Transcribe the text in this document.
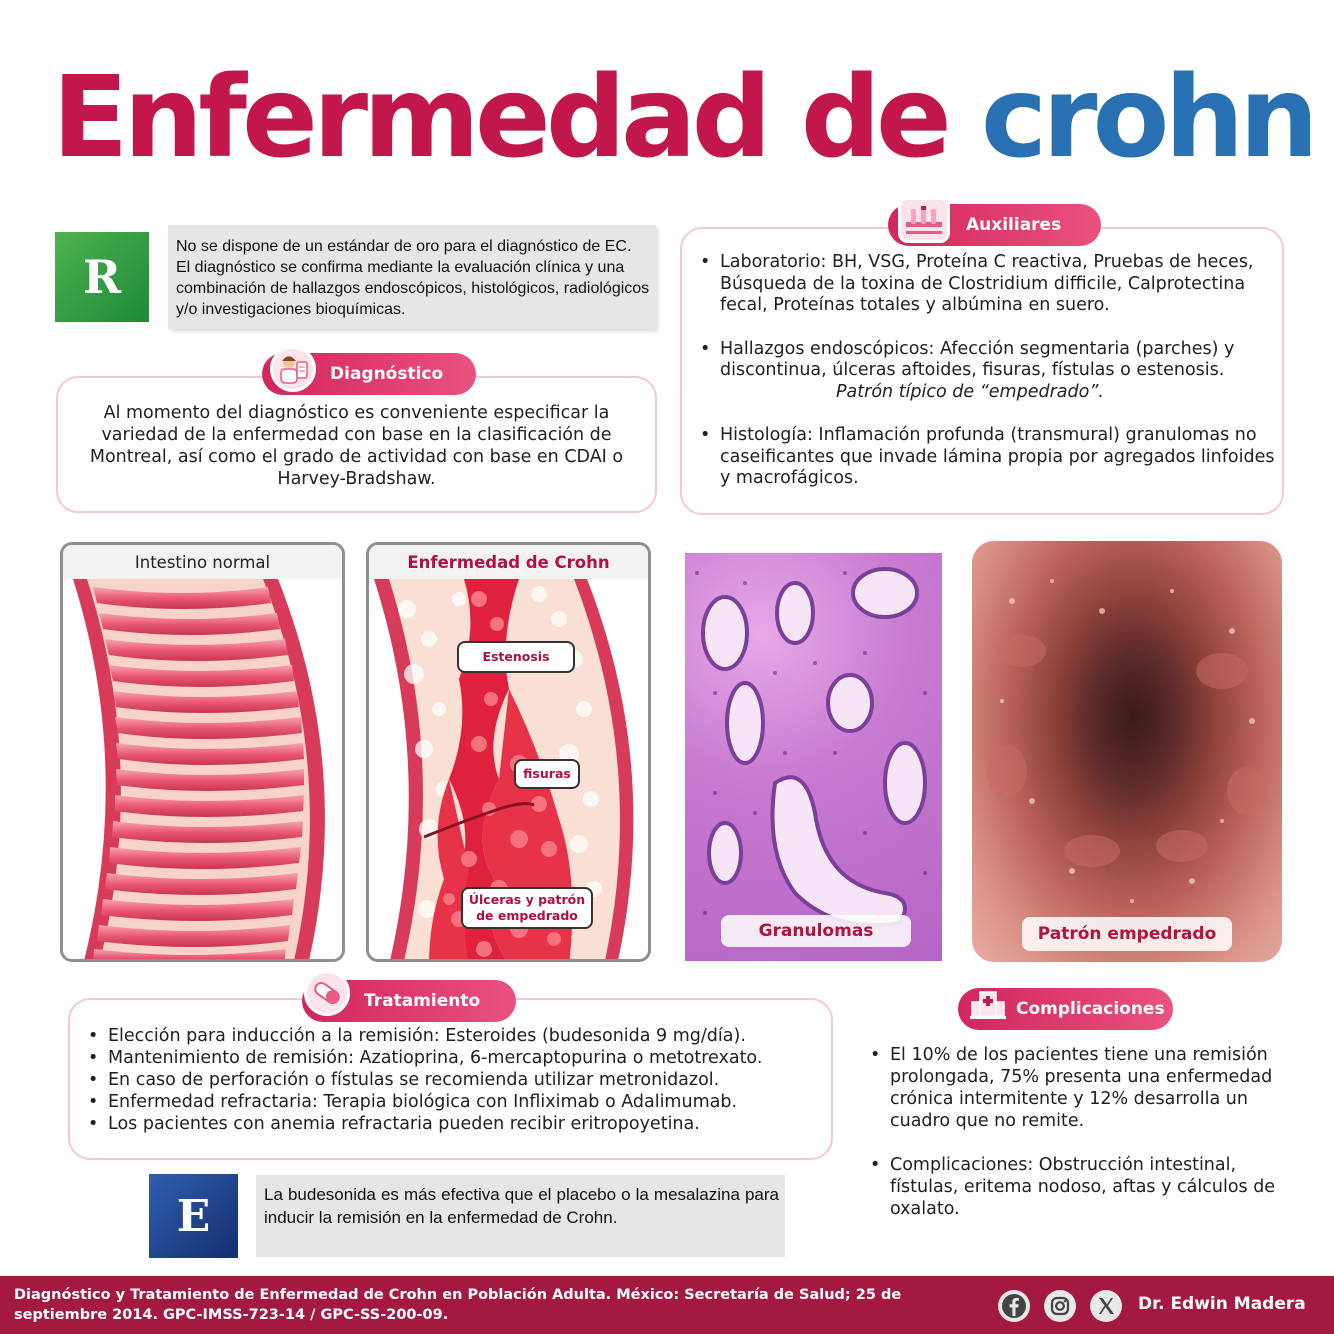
Enfermedad de crohn
R
No se dispone de un estándar de oro para el diagnóstico de EC. El diagnóstico se confirma mediante la evaluación clínica y una combinación de hallazgos endoscópicos, histológicos, radiológicos y/o investigaciones bioquímicas.
Diagnóstico
Al momento del diagnóstico es conveniente especificar la variedad de la enfermedad con base en la clasificación de Montreal, así como el grado de actividad con base en CDAI o Harvey-Bradshaw.
Auxiliares
• Laboratorio: BH, VSG, Proteína C reactiva, Pruebas de heces, Búsqueda de la toxina de Clostridium difficile, Calprotectina fecal, Proteínas totales y albúmina en suero.
• Hallazgos endoscópicos: Afección segmentaria (parches) y discontinua, úlceras aftoides, fisuras, fístulas o estenosis.

Patrón típico de “empedrado”.
• Histología: Inflamación profunda (transmural) granulomas no caseificantes que invade lámina propia por agregados linfoides y macrofágicos.
Intestino normal	Enfermedad de Crohn
Estenosis
fisuras
Úlceras y patrón de empedrado
Granulomas	Patrón empedrado
Tratamiento
• Elección para inducción a la remisión: Esteroides (budesonida 9 mg/día).
• Mantenimiento de remisión: Azatioprina, 6-mercaptopurina o metotrexato.
• En caso de perforación o fístulas se recomienda utilizar metronidazol.
• Enfermedad refractaria: Terapia biológica con Infliximab o Adalimumab.
• Los pacientes con anemia refractaria pueden recibir eritropoyetina.
E	La budesonida es más efectiva que el placebo o la mesalazina para inducir la remisión en la enfermedad de Crohn.
Complicaciones
• El 10% de los pacientes tiene una remisión prolongada, 75% presenta una enfermedad crónica intermitente y 12% desarrolla un cuadro que no remite.
• Complicaciones: Obstrucción intestinal, fístulas, eritema nodoso, aftas y cálculos de oxalato.
Diagnóstico y Tratamiento de Enfermedad de Crohn en Población Adulta. México: Secretaría de Salud; 25 de septiembre 2014. GPC-IMSS-723-14 / GPC-SS-200-09.
Dr. Edwin Madera
